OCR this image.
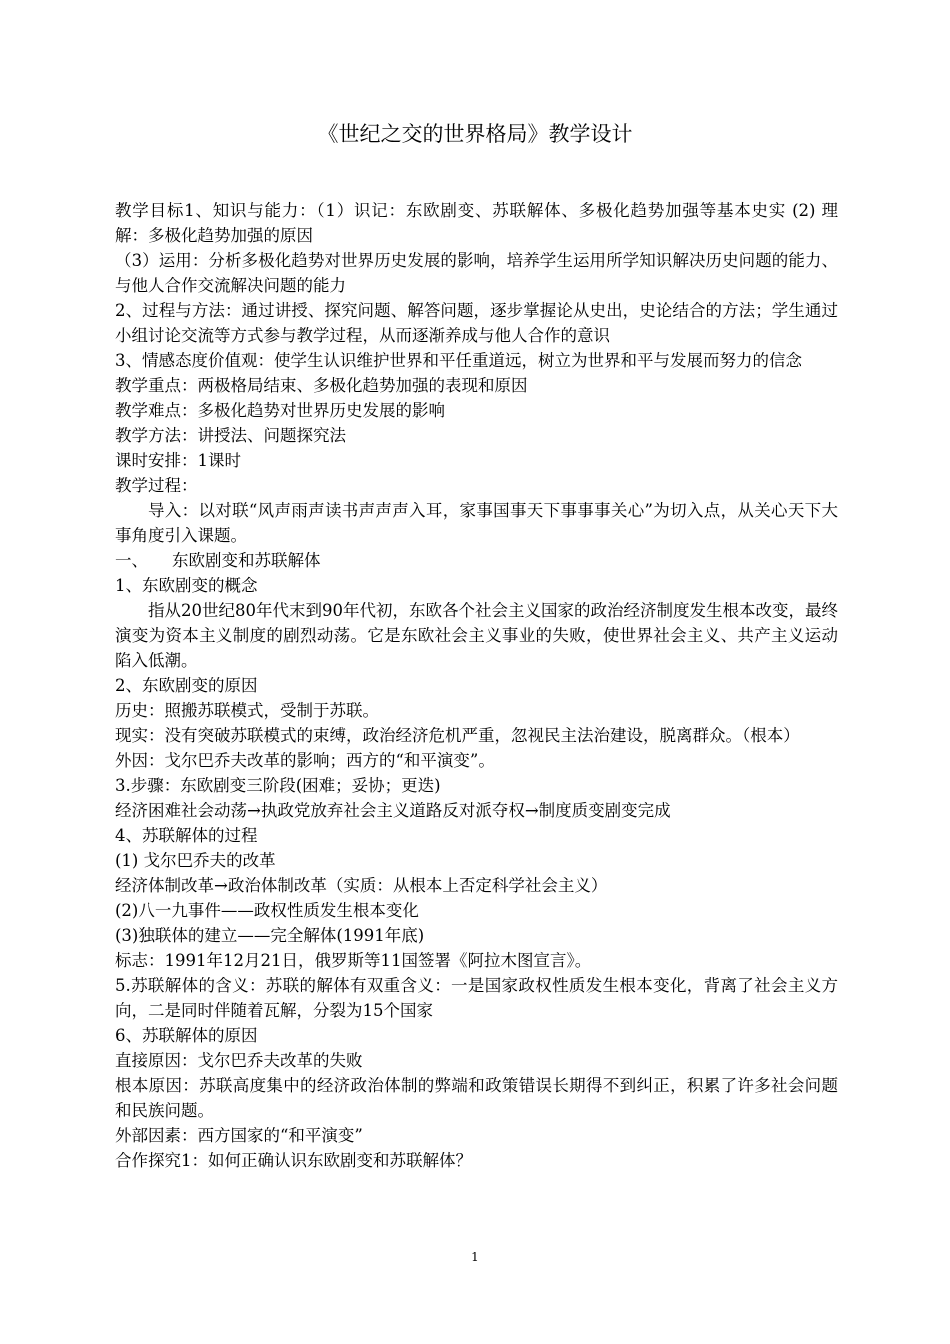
《世纪之交的世界格局》教学设计

教学目标1、知识与能力：（1）识记：东欧剧变、苏联解体、多极化趋势加强等基本史实 (2) 理解：多极化趋势加强的原因

（3）运用：分析多极化趋势对世界历史发展的影响，培养学生运用所学知识解决历史问题的能力、与他人合作交流解决问题的能力

2、过程与方法：通过讲授、探究问题、解答问题，逐步掌握论从史出，史论结合的方法；学生通过小组讨论交流等方式参与教学过程，从而逐渐养成与他人合作的意识

3、情感态度价值观：使学生认识维护世界和平任重道远，树立为世界和平与发展而努力的信念

教学重点：两极格局结束、多极化趋势加强的表现和原因

教学难点：多极化趋势对世界历史发展的影响

教学方法：讲授法、问题探究法

课时安排：1课时

教学过程：

导入：以对联“风声雨声读书声声声入耳，家事国事天下事事事关心”为切入点，从关心天下大事角度引入课题。

一、 东欧剧变和苏联解体

1、东欧剧变的概念

指从20世纪80年代末到90年代初，东欧各个社会主义国家的政治经济制度发生根本改变，最终演变为资本主义制度的剧烈动荡。它是东欧社会主义事业的失败，使世界社会主义、共产主义运动陷入低潮。

2、东欧剧变的原因

历史：照搬苏联模式，受制于苏联。

现实：没有突破苏联模式的束缚，政治经济危机严重，忽视民主法治建设，脱离群众。（根本）

外因：戈尔巴乔夫改革的影响；西方的“和平演变”。

3.步骤：东欧剧变三阶段(困难；妥协；更迭)

经济困难社会动荡→执政党放弃社会主义道路反对派夺权→制度质变剧变完成

4、苏联解体的过程

(1) 戈尔巴乔夫的改革

经济体制改革→政治体制改革（实质：从根本上否定科学社会主义）

(2)八一九事件——政权性质发生根本变化

(3)独联体的建立——完全解体(1991年底)

标志：1991年12月21日，俄罗斯等11国签署《阿拉木图宣言》。

5.苏联解体的含义：苏联的解体有双重含义：一是国家政权性质发生根本变化，背离了社会主义方向，二是同时伴随着瓦解，分裂为15个国家

6、苏联解体的原因

直接原因：戈尔巴乔夫改革的失败

根本原因：苏联高度集中的经济政治体制的弊端和政策错误长期得不到纠正，积累了许多社会问题和民族问题。

外部因素：西方国家的“和平演变”

合作探究1：如何正确认识东欧剧变和苏联解体？

1
